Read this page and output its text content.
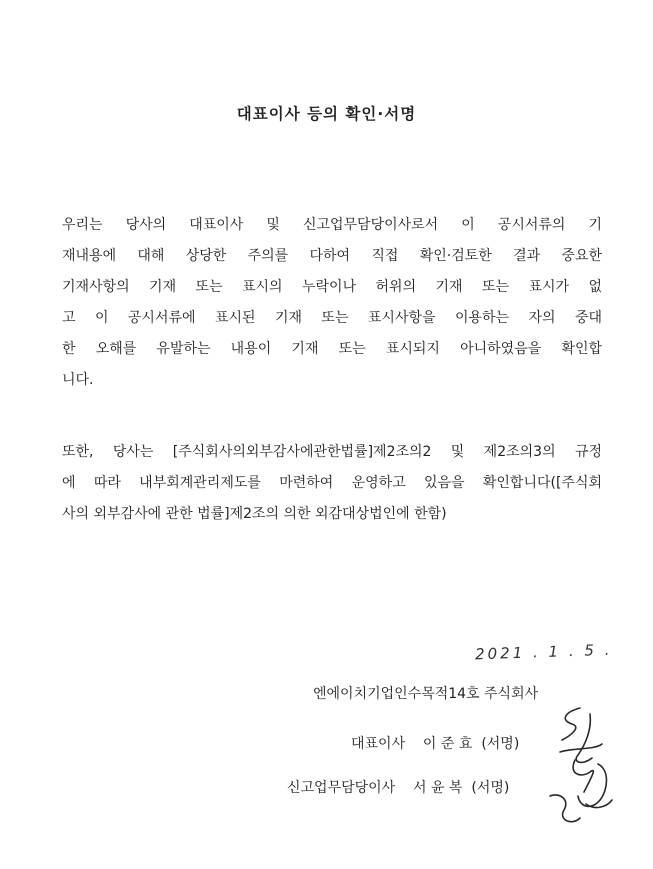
대표이사 등의 확인·서명
우리는 당사의 대표이사 및 신고업무담당이사로서 이 공시서류의 기
재내용에 대해 상당한 주의를 다하여 직접 확인·검토한 결과 중요한
기재사항의 기재 또는 표시의 누락이나 허위의 기재 또는 표시가 없
고 이 공시서류에 표시된 기재 또는 표시사항을 이용하는 자의 중대
한 오해를 유발하는 내용이 기재 또는 표시되지 아니하였음을 확인합
니다.
또한, 당사는 [주식회사의외부감사에관한법률]제2조의2 및 제2조의3의 규정
에 따라 내부회계관리제도를 마련하여 운영하고 있음을 확인합니다([주식회
사의 외부감사에 관한 법률]제2조의 의한 외감대상법인에 한함)
2021 . 1 . 5 .
엔에이치기업인수목적14호 주식회사
대표이사 이 준 효 (서명)
신고업무담당이사 서 윤 복 (서명)
